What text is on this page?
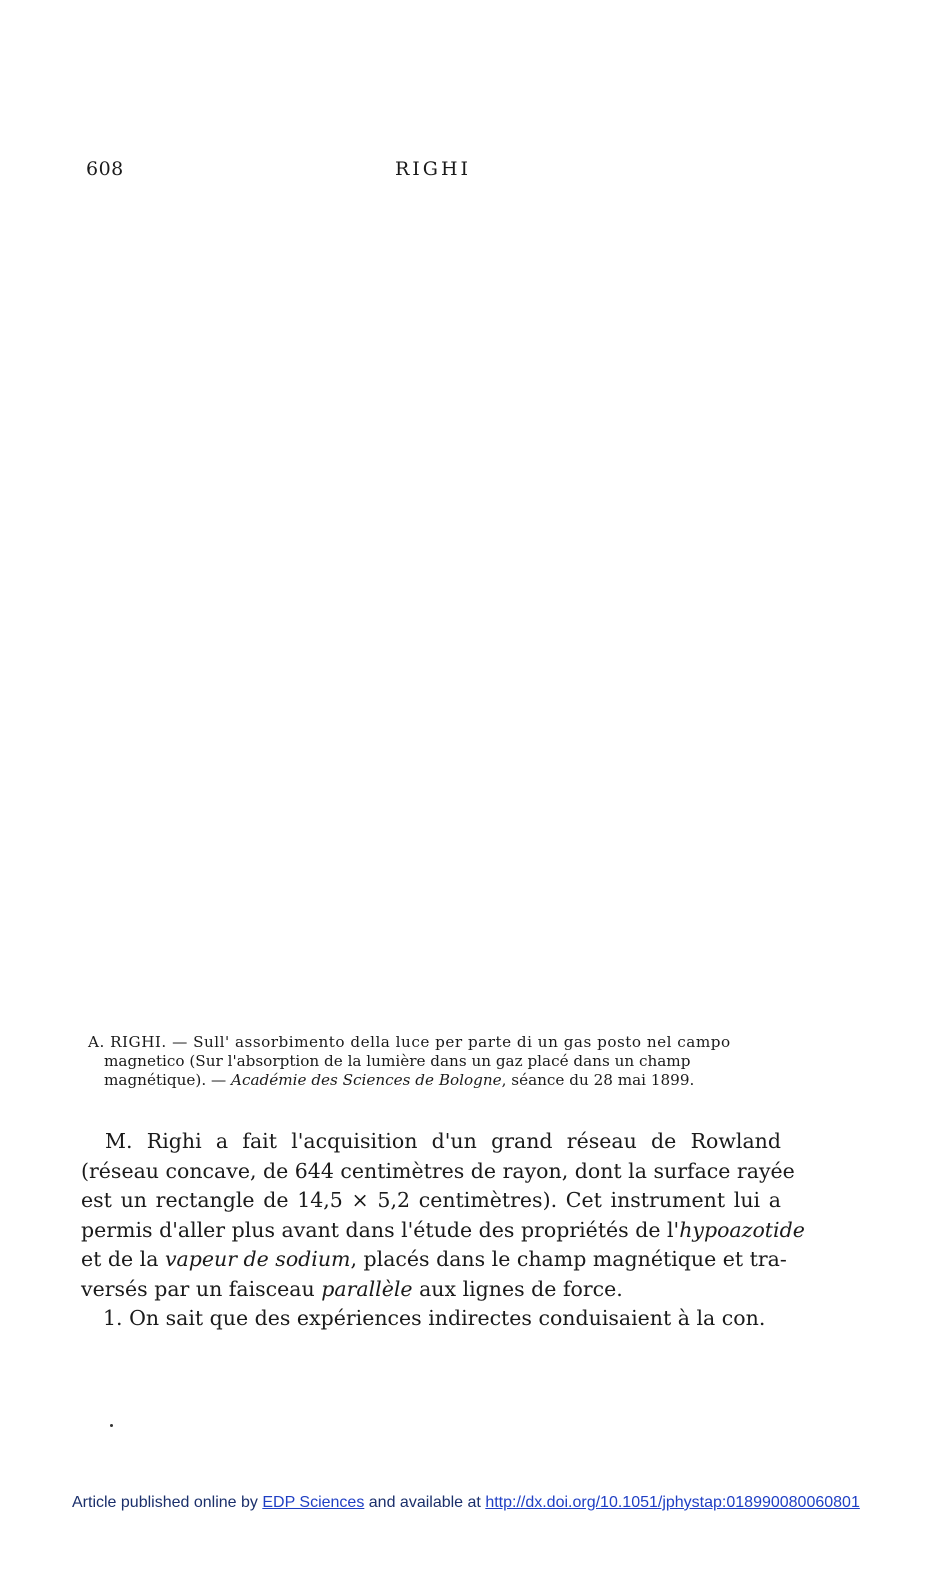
608	RIGHI
A. RIGHI. — Sull' assorbimento della luce per parte di un gas posto nel campo
magnetico (Sur l'absorption de la lumière dans un gaz placé dans un champ
magnétique). — Académie des Sciences de Bologne, séance du 28 mai 1899.
M. Righi a fait l'acquisition d'un grand réseau de Rowland
(réseau concave, de 644 centimètres de rayon, dont la surface rayée
est un rectangle de 14,5 × 5,2 centimètres). Cet instrument lui a
permis d'aller plus avant dans l'étude des propriétés de l'hypoazotide
et de la vapeur de sodium, placés dans le champ magnétique et tra-
versés par un faisceau parallèle aux lignes de force.
1. On sait que des expériences indirectes conduisaient à la con.
Article published online by EDP Sciences and available at http://dx.doi.org/10.1051/jphystap:018990080060801
